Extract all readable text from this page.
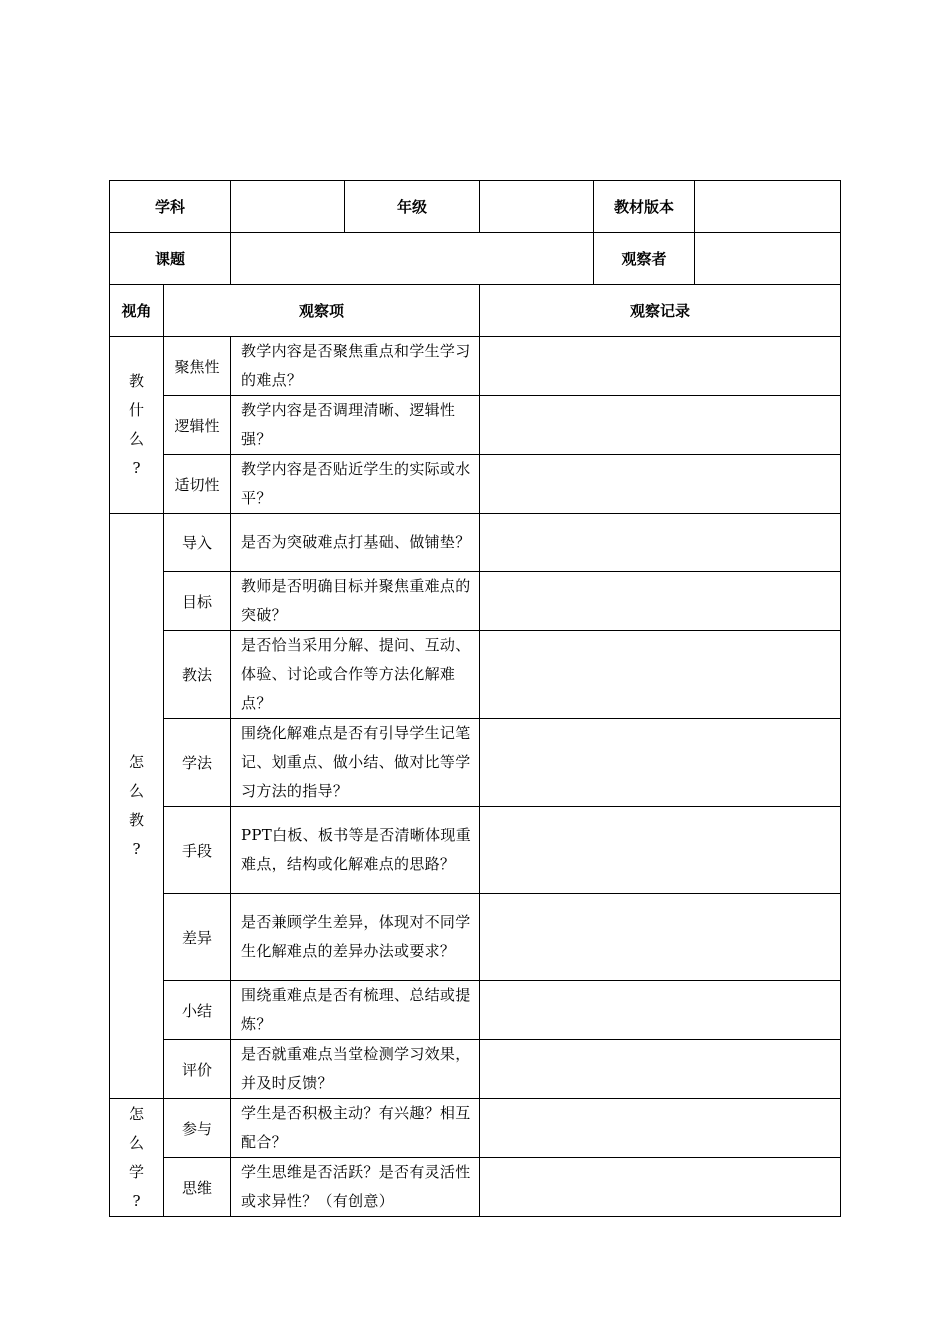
学科			年级		教材版本	
课题					观察者	
视角	观察项			观察记录		

教
什
么
?	聚焦性	教学内容是否聚焦重点和学生学习的难点？				
	逻辑性	教学内容是否调理清晰、逻辑性强？				
	适切性	教学内容是否贴近学生的实际或水平？				

怎
么
教
?	导入	是否为突破难点打基础、做铺垫？				
	目标	教师是否明确目标并聚焦重难点的突破？				
	教法	是否恰当采用分解、提问、互动、体验、讨论或合作等方法化解难点？				
	学法	围绕化解难点是否有引导学生记笔记、划重点、做小结、做对比等学习方法的指导？				
	手段	PPT白板、板书等是否清晰体现重难点，结构或化解难点的思路？				
	差异	是否兼顾学生差异，体现对不同学生化解难点的差异办法或要求？				
	小结	围绕重难点是否有梳理、总结或提炼？				
	评价	是否就重难点当堂检测学习效果，并及时反馈？				

怎
么
学
?	参与	学生是否积极主动？有兴趣？相互配合？				
	思维	学生思维是否活跃？是否有灵活性或求异性？（有创意）				
